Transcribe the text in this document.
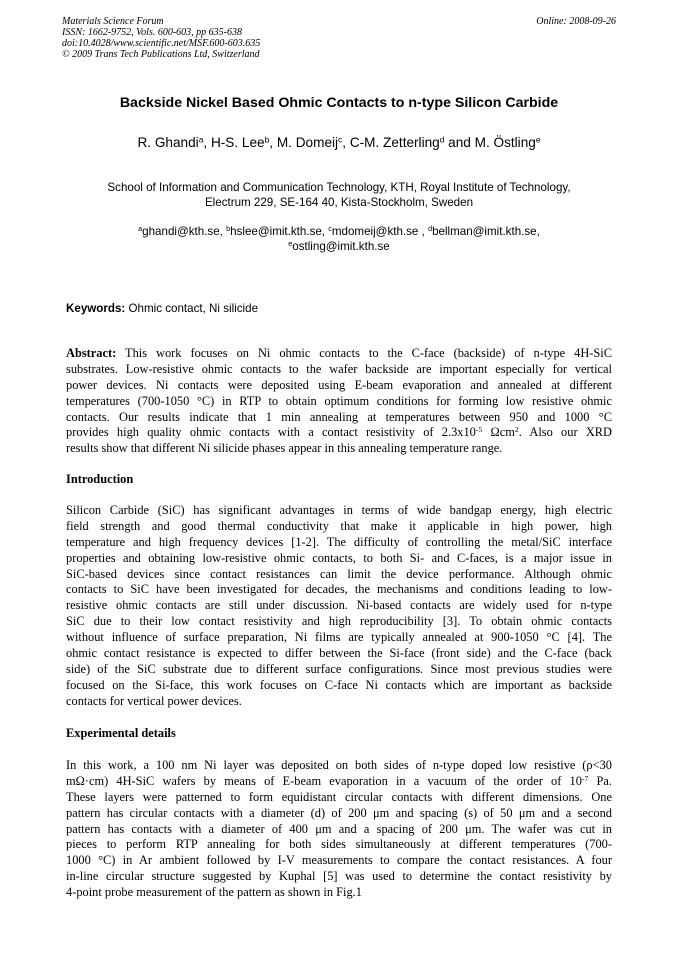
Materials Science Forum
ISSN: 1662-9752, Vols. 600-603, pp 635-638
doi:10.4028/www.scientific.net/MSF.600-603.635
© 2009 Trans Tech Publications Ltd, Switzerland
Online: 2008-09-26
Backside Nickel Based Ohmic Contacts to n-type Silicon Carbide
R. Ghandi$^a$, H-S. Lee$^b$, M. Domeij$^c$, C-M. Zetterling$^d$ and M. Östling$^e$
School of Information and Communication Technology, KTH, Royal Institute of Technology,
Electrum 229, SE-164 40, Kista-Stockholm, Sweden
$^a$ghandi@kth.se, $^b$hslee@imit.kth.se, $^c$mdomeij@kth.se , $^d$bellman@imit.kth.se,
$^e$ostling@imit.kth.se
Keywords: Ohmic contact, Ni silicide
Abstract: This work focuses on Ni ohmic contacts to the C-face (backside) of n-type 4H-SiC
substrates. Low-resistive ohmic contacts to the wafer backside are important especially for vertical
power devices. Ni contacts were deposited using E-beam evaporation and annealed at different
temperatures (700-1050 °C) in RTP to obtain optimum conditions for forming low resistive ohmic
contacts. Our results indicate that 1 min annealing at temperatures between 950 and 1000 °C
provides high quality ohmic contacts with a contact resistivity of $2.3x10^{-5}$ Ωcm$^2$. Also our XRD
results show that different Ni silicide phases appear in this annealing temperature range.
Introduction
Silicon Carbide (SiC) has significant advantages in terms of wide bandgap energy, high electric
field strength and good thermal conductivity that make it applicable in high power, high
temperature and high frequency devices [1-2]. The difficulty of controlling the metal/SiC interface
properties and obtaining low-resistive ohmic contacts, to both Si- and C-faces, is a major issue in
SiC-based devices since contact resistances can limit the device performance. Although ohmic
contacts to SiC have been investigated for decades, the mechanisms and conditions leading to low-
resistive ohmic contacts are still under discussion. Ni-based contacts are widely used for n-type
SiC due to their low contact resistivity and high reproducibility [3]. To obtain ohmic contacts
without influence of surface preparation, Ni films are typically annealed at 900-1050 °C [4]. The
ohmic contact resistance is expected to differ between the Si-face (front side) and the C-face (back
side) of the SiC substrate due to different surface configurations. Since most previous studies were
focused on the Si-face, this work focuses on C-face Ni contacts which are important as backside
contacts for vertical power devices.
Experimental details
In this work, a 100 nm Ni layer was deposited on both sides of n-type doped low resistive (ρ<30
mΩ·cm) 4H-SiC wafers by means of E-beam evaporation in a vacuum of the order of $10^{-7}$ Pa.
These layers were patterned to form equidistant circular contacts with different dimensions. One
pattern has circular contacts with a diameter (d) of 200 μm and spacing (s) of 50 μm and a second
pattern has contacts with a diameter of 400 μm and a spacing of 200 μm. The wafer was cut in
pieces to perform RTP annealing for both sides simultaneously at different temperatures (700-
1000 °C) in Ar ambient followed by I-V measurements to compare the contact resistances. A four
in-line circular structure suggested by Kuphal [5] was used to determine the contact resistivity by
4-point probe measurement of the pattern as shown in Fig.1
